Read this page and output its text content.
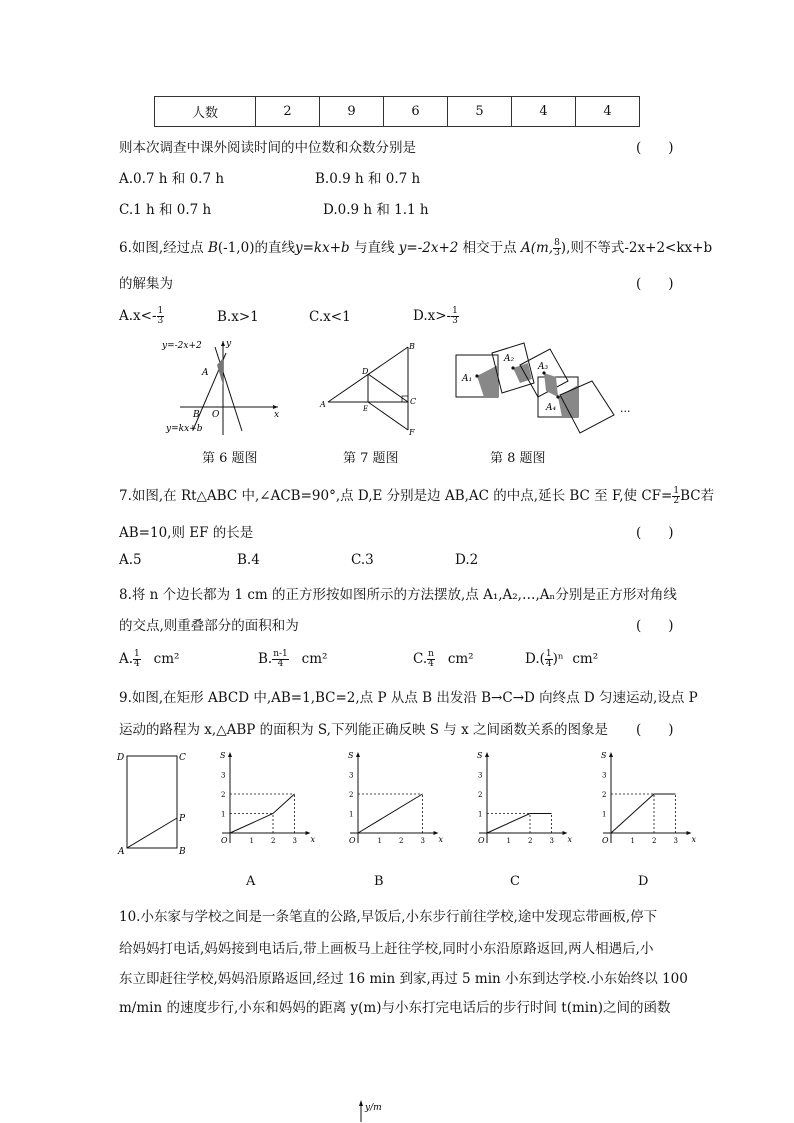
人数	2	9	6	5	4	4
则本次调查中课外阅读时间的中位数和众数分别是	(　　)
A.0.7 h 和 0.7 h	B.0.9 h 和 0.7 h
C.1 h 和 0.7 h	D.0.9 h 和 1.1 h
6.如图,经过点 B(-1,0)的直线y=kx+b 与直线 y=-2x+2 相交于点 A(m, $\frac{8}{3}$ ),则不等式-2x+2<kx+b
的解集为	(　　)
$A.x<- \frac{1}{3}$	B.x>1	C.x<1	$D.x>- \frac{1}{3}$
y=-2x+2
y=kx+b
y
x
A
B O
第 6 题图
B
D
A	E
C
F
第 7 题图
A₁
A₂
A₃
A₄	···
第 8 题图
7.如图,在 Rt△ABC 中,∠ACB=90°,点 D,E 分别是边 AB,AC 的中点,延长 BC 至 F,使 $CF= \frac{1}{2}$ BC若
AB=10,则 EF 的长是	(　　)
A.5	B.4	C.3	D.2
8.将 n 个边长都为 1 cm 的正方形按如图所示的方法摆放,点 A₁,A₂,…,Aₙ分别是正方形对角线
的交点,则重叠部分的面积和为	(　　)
A. $\frac{1}{4} cm^2$	B. $\frac{n-1}{4} cm^2$	C. $\frac{n}{4} cm^2$	$D.( \frac{1}{4} )^n$ cm²
9.如图,在矩形 ABCD 中,AB=1,BC=2,点 P 从点 B 出发沿 B→C→D 向终点 D 匀速运动,设点 P
运动的路程为 x,△ABP 的面积为 S,下列能正确反映 S 与 x 之间函数关系的图象是 (　　)
D	C
A	B
P
S
x
O	1
1
2
2
3
3
S
x
O	1
1
2
2
3
3
S
x
O	1
1
2
2
3
3
S
x
O	1
1
2
2
3
3
A	B	C	D
10.小东家与学校之间是一条笔直的公路,早饭后,小东步行前往学校,途中发现忘带画板,停下
给妈妈打电话,妈妈接到电话后,带上画板马上赶往学校,同时小东沿原路返回,两人相遇后,小
东立即赶往学校,妈妈沿原路返回,经过 16 min 到家,再过 5 min 小东到达学校.小东始终以 100
m/min 的速度步行,小东和妈妈的距离 y(m)与小东打完电话后的步行时间 t(min)之间的函数
y/m
